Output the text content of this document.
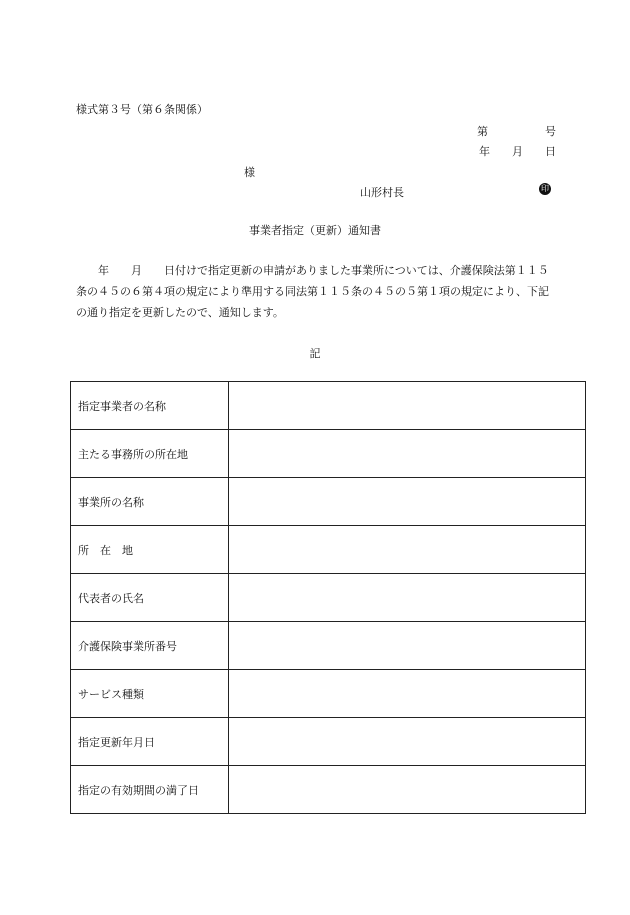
様式第３号（第６条関係）
第	号
年 月 日
様
山形村長	印
事業者指定（更新）通知書
　　年　　月　　日付けで指定更新の申請がありました事業所については、介護保険法第１１５
条の４５の６第４項の規定により準用する同法第１１５条の４５の５第１項の規定により、下記
の通り指定を更新したので、通知します。
記
指定事業者の名称	
主たる事務所の所在地	
事業所の名称	
所　在　地	
代表者の氏名	
介護保険事業所番号	
サービス種類	
指定更新年月日	
指定の有効期間の満了日	
